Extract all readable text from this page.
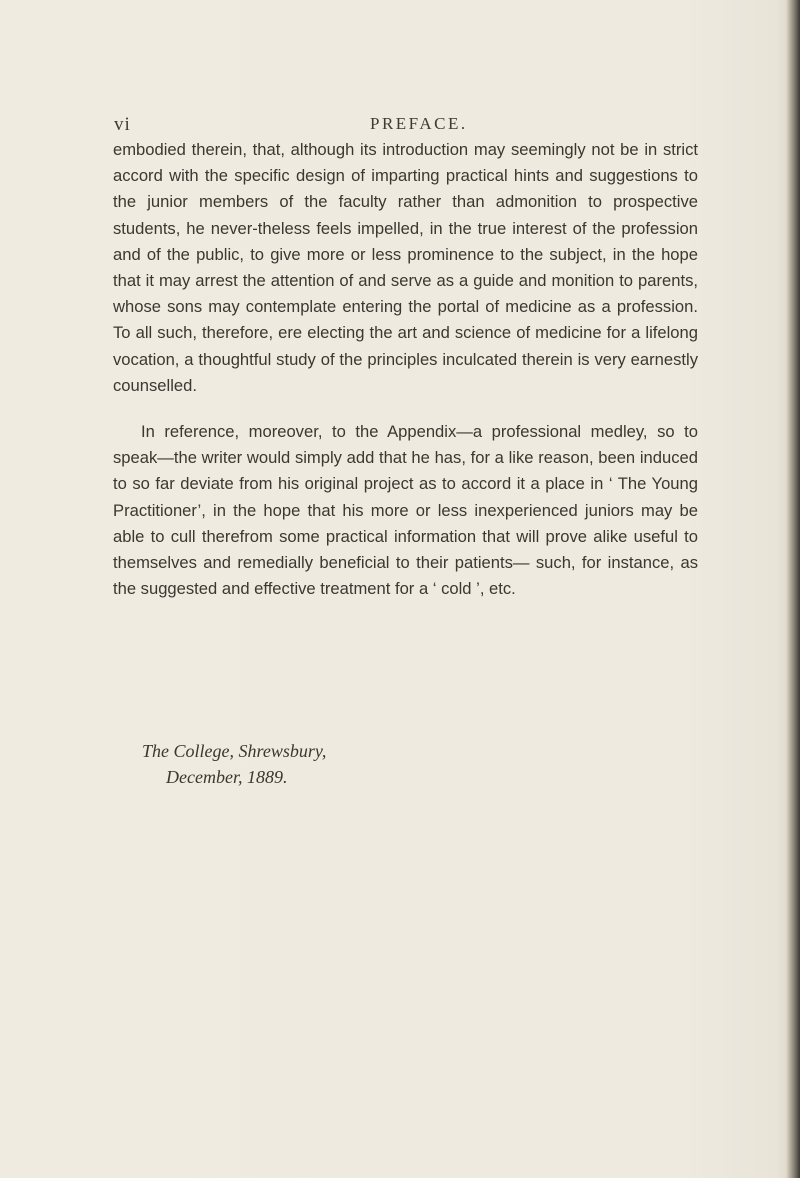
vi	PREFACE.

embodied therein, that, although its introduction may seemingly not be in strict accord with the specific design of imparting practical hints and suggestions to the junior members of the faculty rather than admonition to prospective students, he never-theless feels impelled, in the true interest of the profession and of the public, to give more or less prominence to the subject, in the hope that it may arrest the attention of and serve as a guide and monition to parents, whose sons may contemplate entering the portal of medicine as a profession. To all such, therefore, ere electing the art and science of medicine for a lifelong vocation, a thoughtful study of the principles inculcated therein is very earnestly counselled.

In reference, moreover, to the Appendix—a professional medley, so to speak—the writer would simply add that he has, for a like reason, been induced to so far deviate from his original project as to accord it a place in ‘ The Young Practitioner’, in the hope that his more or less inexperienced juniors may be able to cull therefrom some practical information that will prove alike useful to themselves and remedially beneficial to their patients— such, for instance, as the suggested and effective treatment for a ‘ cold ’, etc.

The College, Shrewsbury,
December, 1889.
